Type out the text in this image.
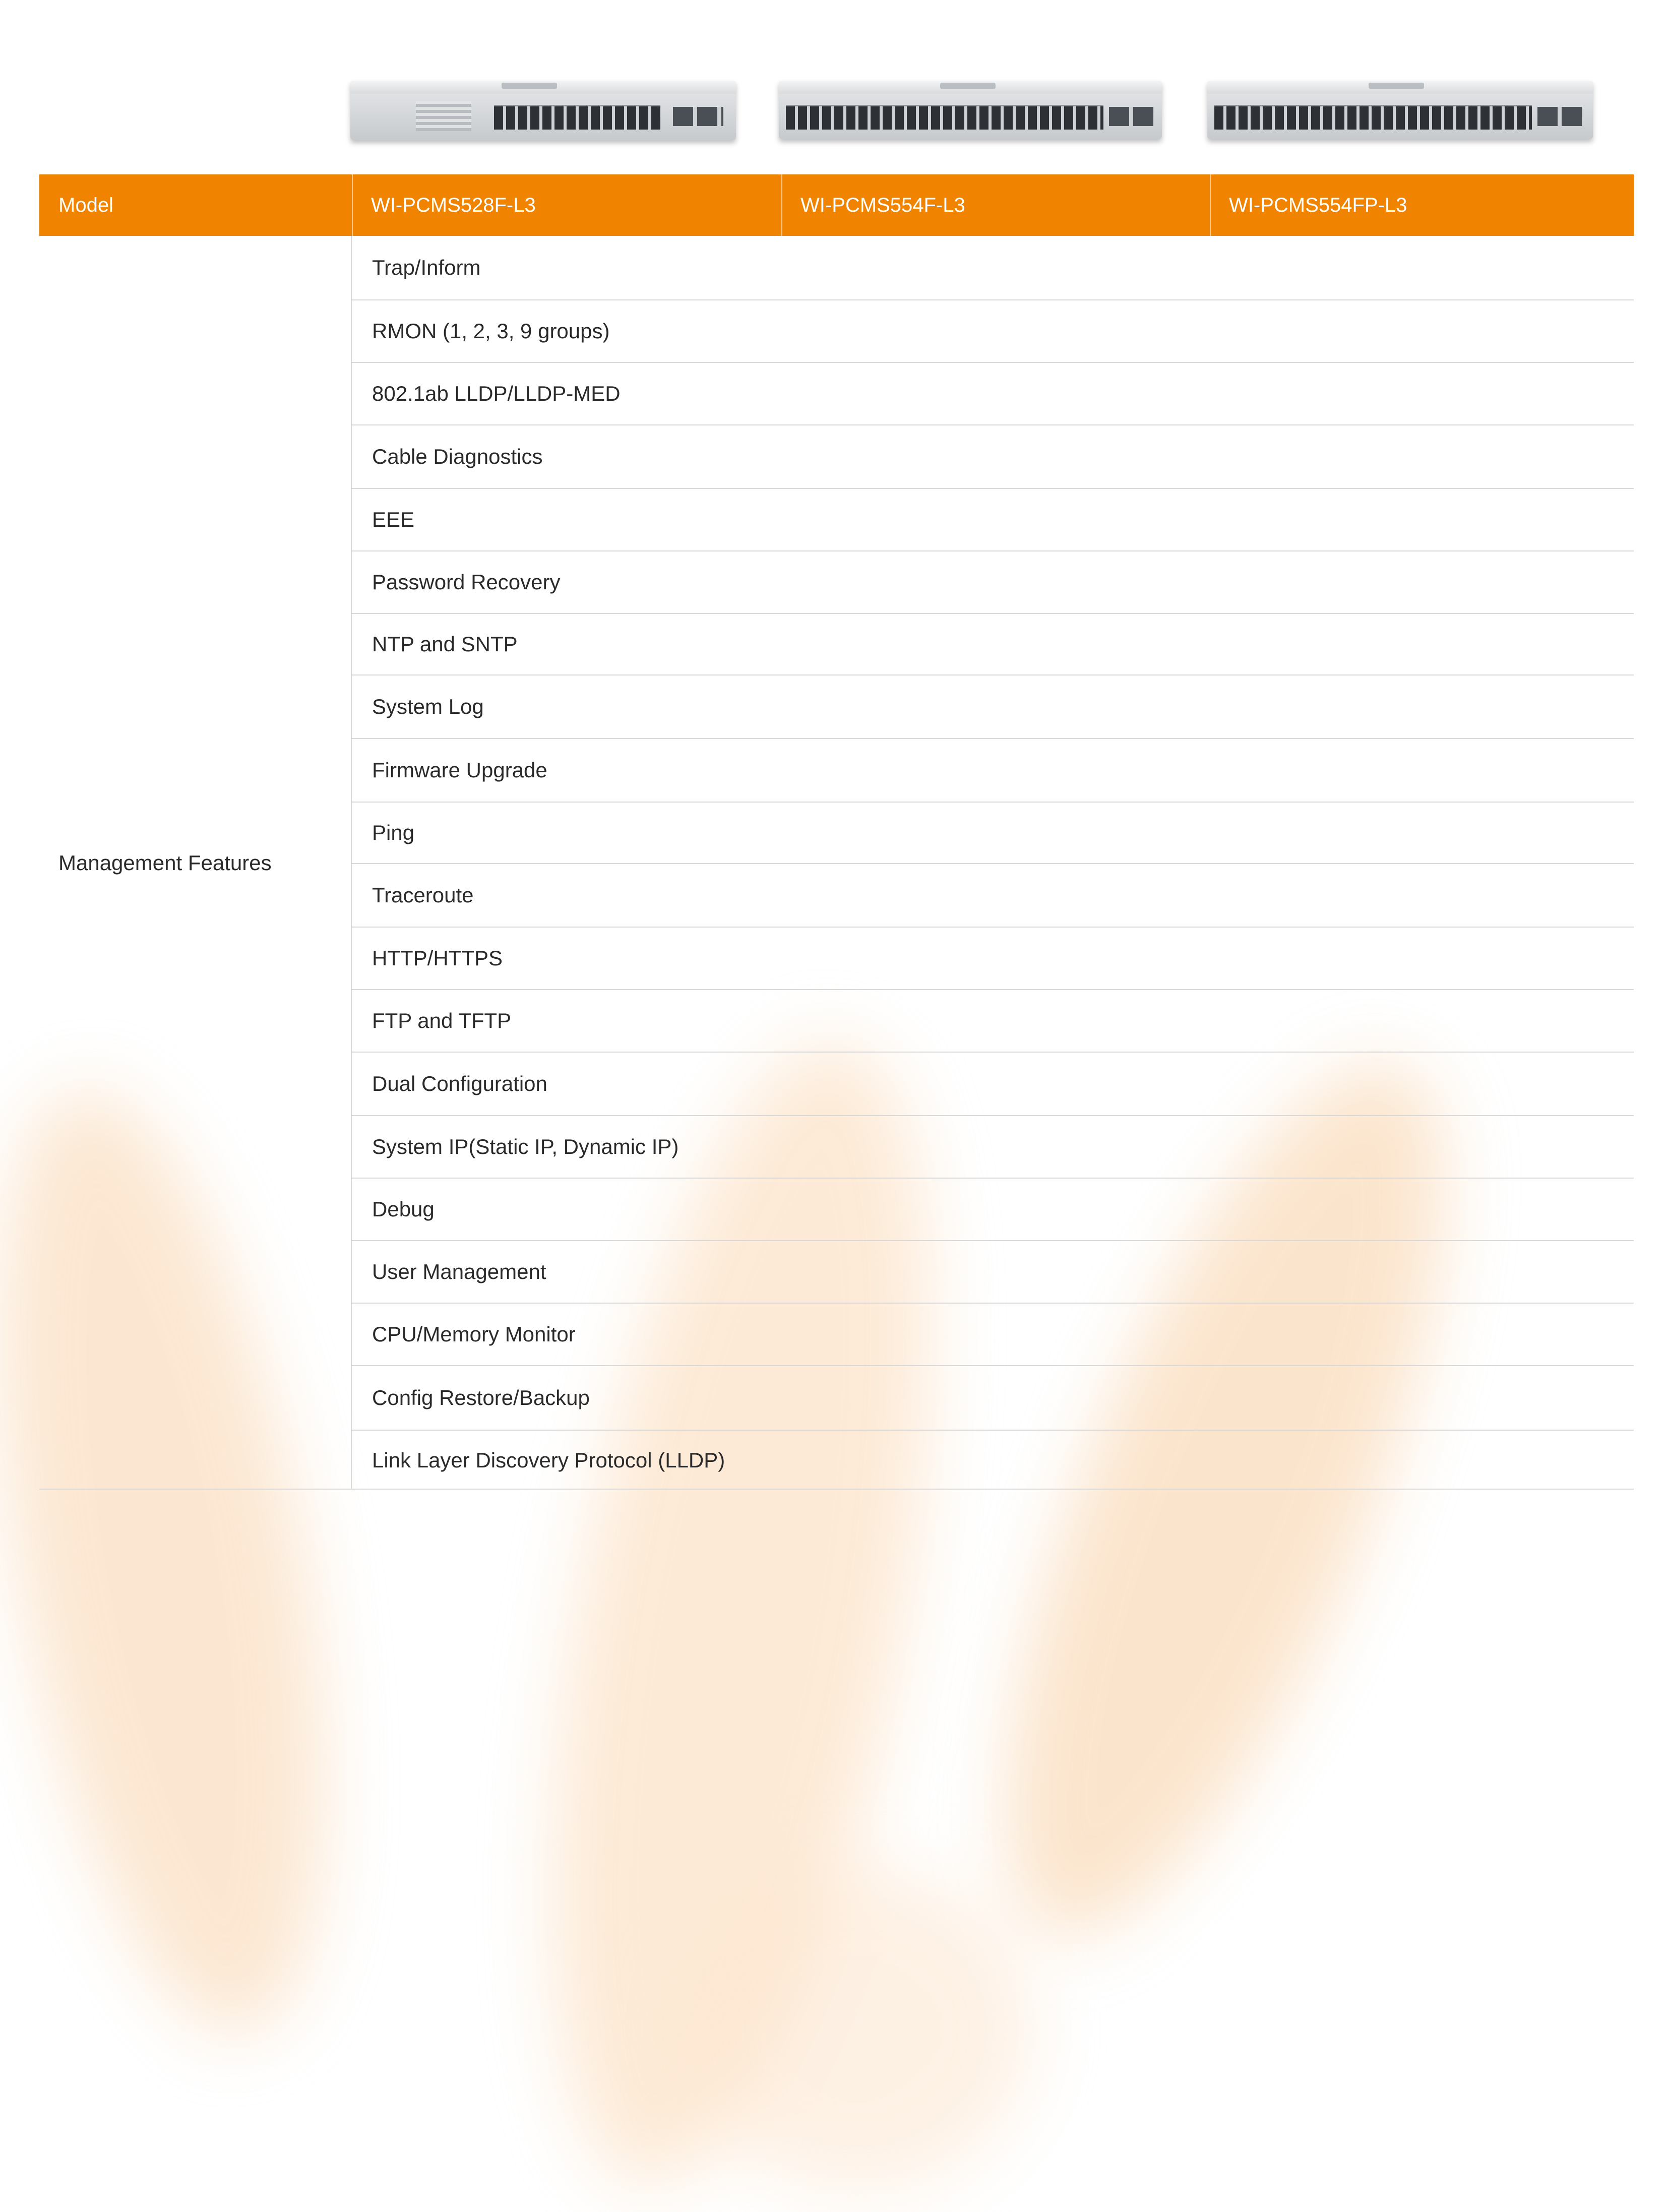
Model	WI-PCMS528F-L3	WI-PCMS554F-L3	WI-PCMS554FP-L3
Management Features
Trap/Inform
RMON (1, 2, 3, 9 groups)
802.1ab LLDP/LLDP-MED
Cable Diagnostics
EEE
Password Recovery
NTP and SNTP
System Log
Firmware Upgrade
Ping
Traceroute
HTTP/HTTPS
FTP and TFTP
Dual Configuration
System IP(Static IP, Dynamic IP)
Debug
User Management
CPU/Memory Monitor
Config Restore/Backup
Link Layer Discovery Protocol (LLDP)
